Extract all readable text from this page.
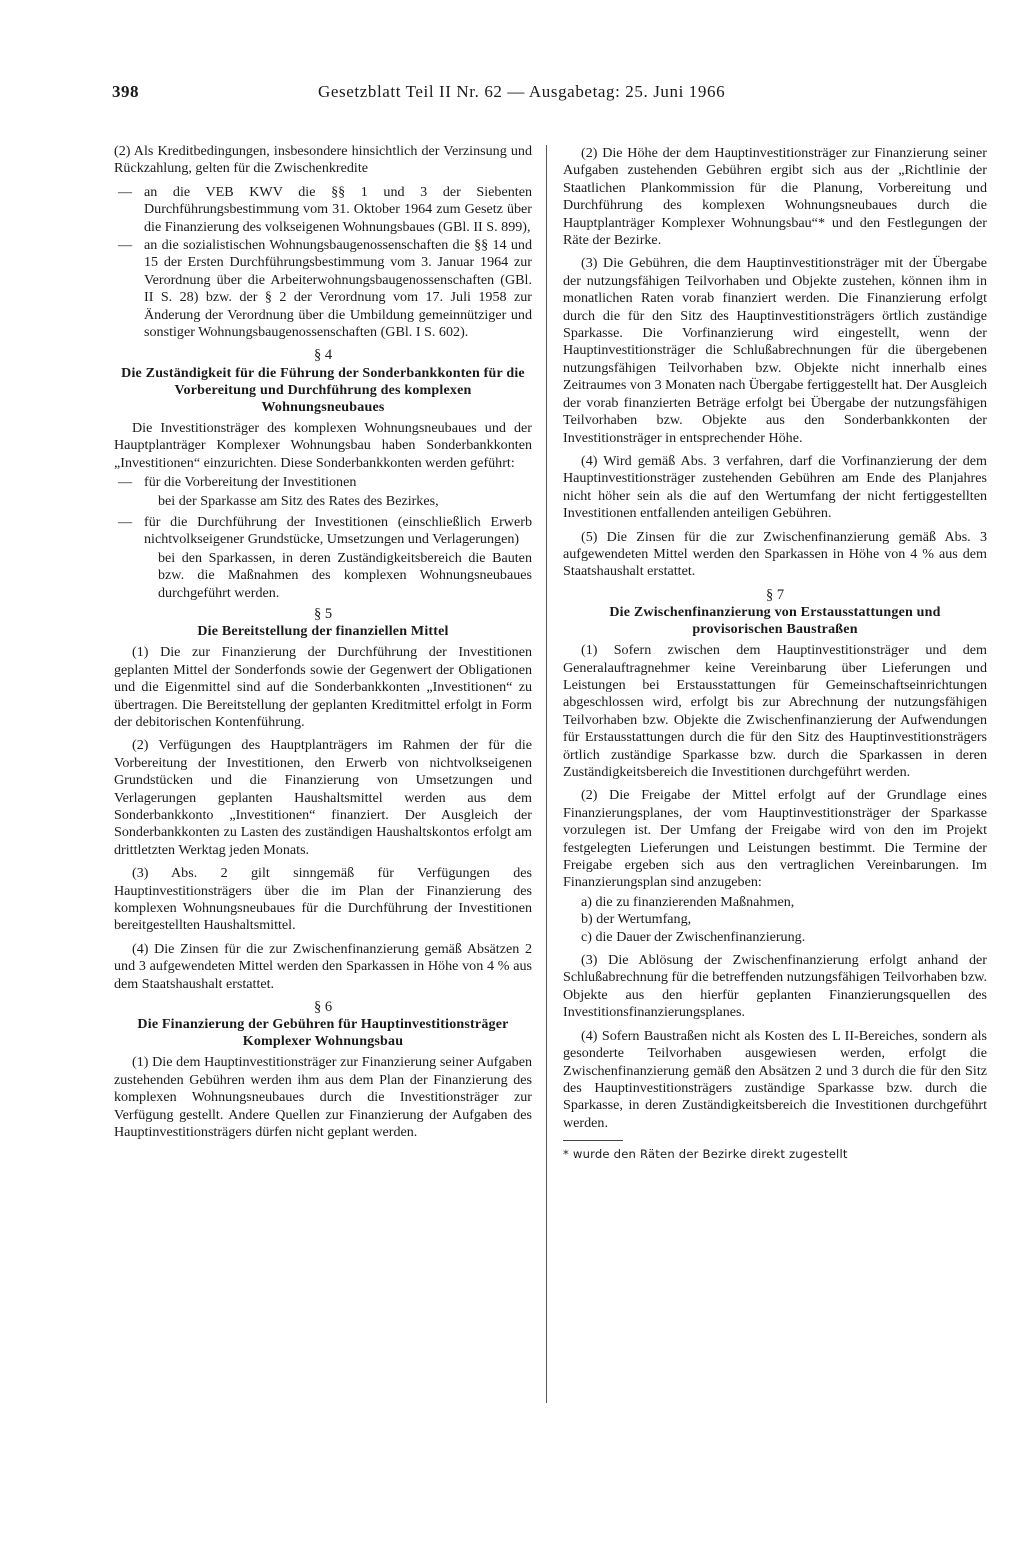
398	Gesetzblatt Teil II Nr. 62 — Ausgabetag: 25. Juni 1966

(2) Als Kreditbedingungen, insbesondere hinsichtlich der Verzinsung und Rückzahlung, gelten für die Zwischenkredite

— an die VEB KWV die §§ 1 und 3 der Siebenten Durchführungsbestimmung vom 31. Oktober 1964 zum Gesetz über die Finanzierung des volkseigenen Wohnungsbaues (GBl. II S. 899),
— an die sozialistischen Wohnungsbaugenossenschaften die §§ 14 und 15 der Ersten Durchführungsbestimmung vom 3. Januar 1964 zur Verordnung über die Arbeiterwohnungsbaugenossenschaften (GBl. II S. 28) bzw. der § 2 der Verordnung vom 17. Juli 1958 zur Änderung der Verordnung über die Umbildung gemeinnütziger und sonstiger Wohnungsbaugenossenschaften (GBl. I S. 602).

§ 4

Die Zuständigkeit für die Führung der Sonderbankkonten für die Vorbereitung und Durchführung des komplexen Wohnungsneubaues

Die Investitionsträger des komplexen Wohnungsneubaues und der Hauptplanträger Komplexer Wohnungsbau haben Sonderbankkonten „Investitionen“ einzurichten. Diese Sonderbankkonten werden geführt:

— für die Vorbereitung der Investitionen

bei der Sparkasse am Sitz des Rates des Bezirkes,

— für die Durchführung der Investitionen (einschließlich Erwerb nichtvolkseigener Grundstücke, Umsetzungen und Verlagerungen)

bei den Sparkassen, in deren Zuständigkeitsbereich die Bauten bzw. die Maßnahmen des komplexen Wohnungsneubaues durchgeführt werden.

§ 5

Die Bereitstellung der finanziellen Mittel

(1) Die zur Finanzierung der Durchführung der Investitionen geplanten Mittel der Sonderfonds sowie der Gegenwert der Obligationen und die Eigenmittel sind auf die Sonderbankkonten „Investitionen“ zu übertragen. Die Bereitstellung der geplanten Kreditmittel erfolgt in Form der debitorischen Kontenführung.

(2) Verfügungen des Hauptplanträgers im Rahmen der für die Vorbereitung der Investitionen, den Erwerb von nichtvolkseigenen Grundstücken und die Finanzierung von Umsetzungen und Verlagerungen geplanten Haushaltsmittel werden aus dem Sonderbankkonto „Investitionen“ finanziert. Der Ausgleich der Sonderbankkonten zu Lasten des zuständigen Haushaltskontos erfolgt am drittletzten Werktag jeden Monats.

(3) Abs. 2 gilt sinngemäß für Verfügungen des Hauptinvestitionsträgers über die im Plan der Finanzierung des komplexen Wohnungsneubaues für die Durchführung der Investitionen bereitgestellten Haushaltsmittel.

(4) Die Zinsen für die zur Zwischenfinanzierung gemäß Absätzen 2 und 3 aufgewendeten Mittel werden den Sparkassen in Höhe von 4 % aus dem Staatshaushalt erstattet.

§ 6

Die Finanzierung der Gebühren für Hauptinvestitionsträger Komplexer Wohnungsbau

(1) Die dem Hauptinvestitionsträger zur Finanzierung seiner Aufgaben zustehenden Gebühren werden ihm aus dem Plan der Finanzierung des komplexen Wohnungsneubaues durch die Investitionsträger zur Verfügung gestellt. Andere Quellen zur Finanzierung der Aufgaben des Hauptinvestitionsträgers dürfen nicht geplant werden.

(2) Die Höhe der dem Hauptinvestitionsträger zur Finanzierung seiner Aufgaben zustehenden Gebühren ergibt sich aus der „Richtlinie der Staatlichen Plankommission für die Planung, Vorbereitung und Durchführung des komplexen Wohnungsneubaues durch die Hauptplanträger Komplexer Wohnungsbau“* und den Festlegungen der Räte der Bezirke.

(3) Die Gebühren, die dem Hauptinvestitionsträger mit der Übergabe der nutzungsfähigen Teilvorhaben und Objekte zustehen, können ihm in monatlichen Raten vorab finanziert werden. Die Finanzierung erfolgt durch die für den Sitz des Hauptinvestitionsträgers örtlich zuständige Sparkasse. Die Vorfinanzierung wird eingestellt, wenn der Hauptinvestitionsträger die Schlußabrechnungen für die übergebenen nutzungsfähigen Teilvorhaben bzw. Objekte nicht innerhalb eines Zeitraumes von 3 Monaten nach Übergabe fertiggestellt hat. Der Ausgleich der vorab finanzierten Beträge erfolgt bei Übergabe der nutzungsfähigen Teilvorhaben bzw. Objekte aus den Sonderbankkonten der Investitionsträger in entsprechender Höhe.

(4) Wird gemäß Abs. 3 verfahren, darf die Vorfinanzierung der dem Hauptinvestitionsträger zustehenden Gebühren am Ende des Planjahres nicht höher sein als die auf den Wertumfang der nicht fertiggestellten Investitionen entfallenden anteiligen Gebühren.

(5) Die Zinsen für die zur Zwischenfinanzierung gemäß Abs. 3 aufgewendeten Mittel werden den Sparkassen in Höhe von 4 % aus dem Staatshaushalt erstattet.

§ 7

Die Zwischenfinanzierung von Erstausstattungen und provisorischen Baustraßen

(1) Sofern zwischen dem Hauptinvestitionsträger und dem Generalauftragnehmer keine Vereinbarung über Lieferungen und Leistungen bei Erstausstattungen für Gemeinschaftseinrichtungen abgeschlossen wird, erfolgt bis zur Abrechnung der nutzungsfähigen Teilvorhaben bzw. Objekte die Zwischenfinanzierung der Aufwendungen für Erstausstattungen durch die für den Sitz des Hauptinvestitionsträgers örtlich zuständige Sparkasse bzw. durch die Sparkassen in deren Zuständigkeitsbereich die Investitionen durchgeführt werden.

(2) Die Freigabe der Mittel erfolgt auf der Grundlage eines Finanzierungsplanes, der vom Hauptinvestitionsträger der Sparkasse vorzulegen ist. Der Umfang der Freigabe wird von den im Projekt festgelegten Lieferungen und Leistungen bestimmt. Die Termine der Freigabe ergeben sich aus den vertraglichen Vereinbarungen. Im Finanzierungsplan sind anzugeben:

a) die zu finanzierenden Maßnahmen,

b) der Wertumfang,

c) die Dauer der Zwischenfinanzierung.

(3) Die Ablösung der Zwischenfinanzierung erfolgt anhand der Schlußabrechnung für die betreffenden nutzungsfähigen Teilvorhaben bzw. Objekte aus den hierfür geplanten Finanzierungsquellen des Investitionsfinanzierungsplanes.

(4) Sofern Baustraßen nicht als Kosten des L II-Bereiches, sondern als gesonderte Teilvorhaben ausgewiesen werden, erfolgt die Zwischenfinanzierung gemäß den Absätzen 2 und 3 durch die für den Sitz des Hauptinvestitionsträgers zuständige Sparkasse bzw. durch die Sparkasse, in deren Zuständigkeitsbereich die Investitionen durchgeführt werden.

* wurde den Räten der Bezirke direkt zugestellt
